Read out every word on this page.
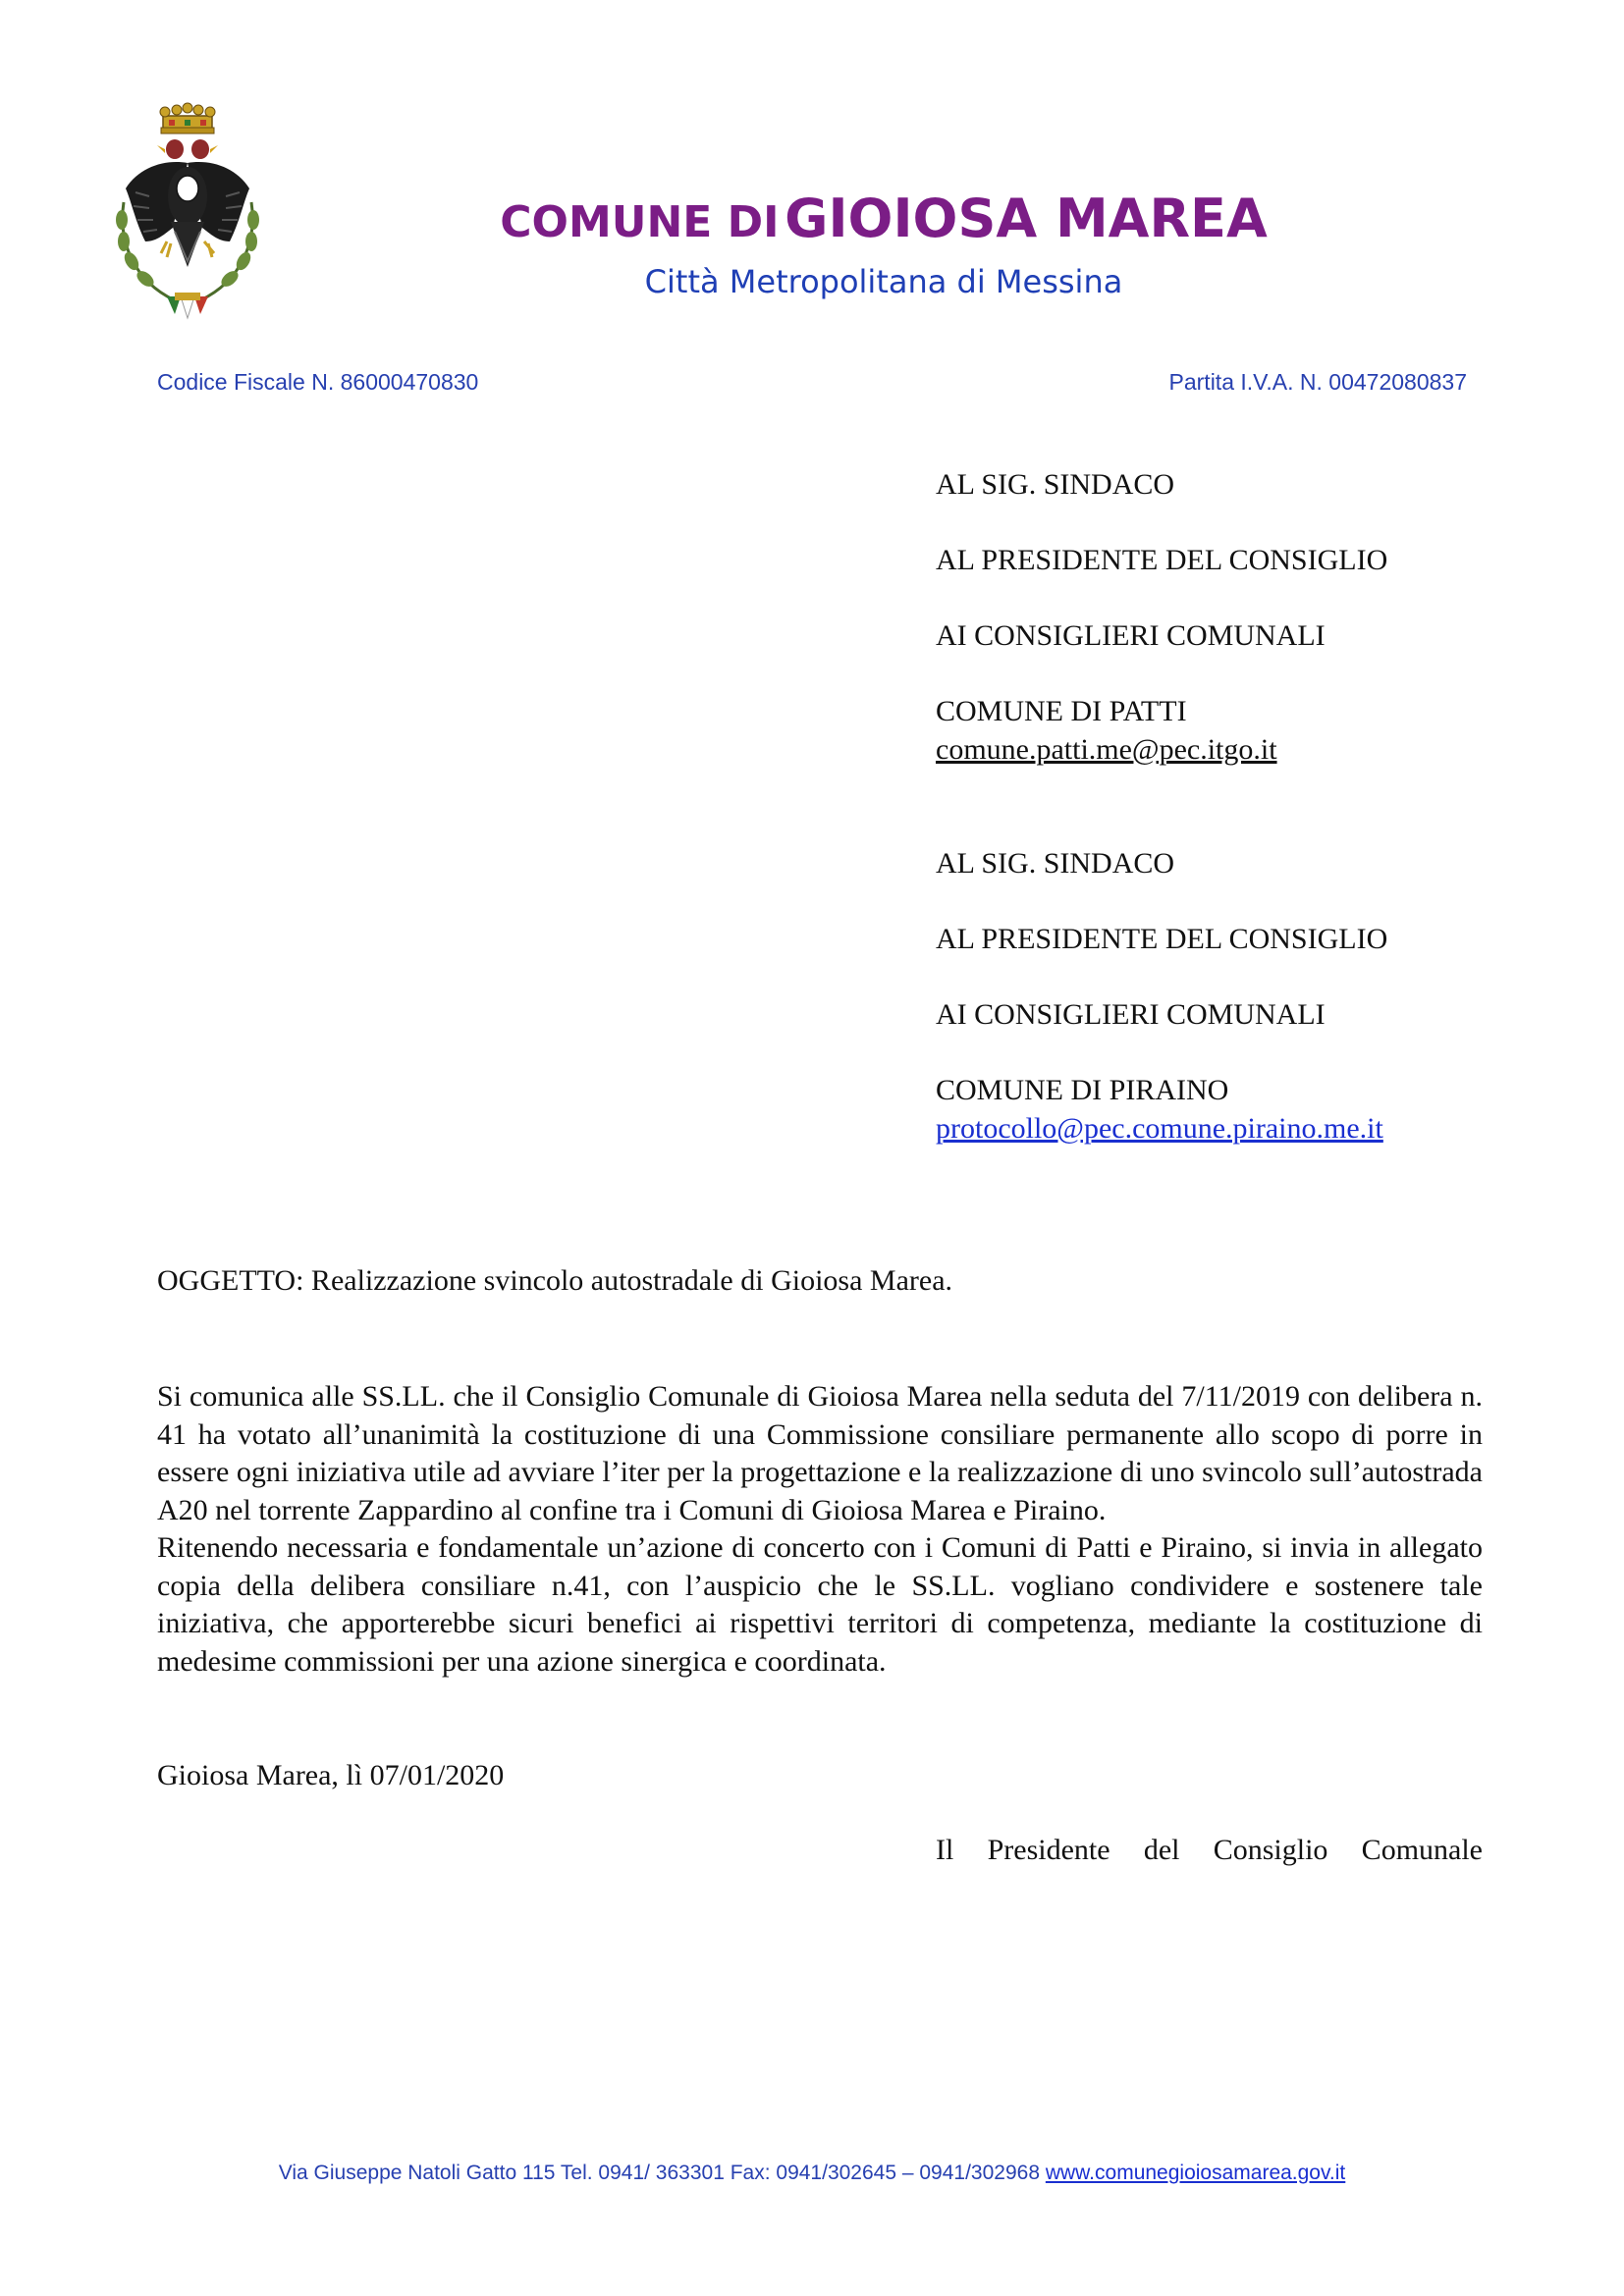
COMUNE DI GIOIOSA MAREA
Città Metropolitana di Messina
Codice Fiscale N. 86000470830	Partita I.V.A. N. 00472080837
AL SIG. SINDACO
AL PRESIDENTE DEL CONSIGLIO
AI CONSIGLIERI COMUNALI
COMUNE DI PATTI
comune.patti.me@pec.itgo.it
AL SIG. SINDACO
AL PRESIDENTE DEL CONSIGLIO
AI CONSIGLIERI COMUNALI
COMUNE DI PIRAINO
protocollo@pec.comune.piraino.me.it
OGGETTO: Realizzazione svincolo autostradale di Gioiosa Marea.

Si comunica alle SS.LL. che il Consiglio Comunale di Gioiosa Marea nella seduta del 7/11/2019 con delibera n. 41 ha votato all’unanimità la costituzione di una Commissione consiliare permanente allo scopo di porre in essere ogni iniziativa utile ad avviare l’iter per la progettazione e la realizzazione di uno svincolo sull’autostrada A20 nel torrente Zappardino al confine tra i Comuni di Gioiosa Marea e Piraino.

Ritenendo necessaria e fondamentale un’azione di concerto con i Comuni di Patti e Piraino, si invia in allegato copia della delibera consiliare n.41, con l’auspicio che le SS.LL. vogliano condividere e sostenere tale iniziativa, che apporterebbe sicuri benefici ai rispettivi territori di competenza, mediante la costituzione di medesime commissioni per una azione sinergica e coordinata.

Gioiosa Marea, lì 07/01/2020
Il Presidente del Consiglio Comunale
Via Giuseppe Natoli Gatto 115 Tel. 0941/ 363301 Fax: 0941/302645 – 0941/302968 www.comunegioiosamarea.gov.it
